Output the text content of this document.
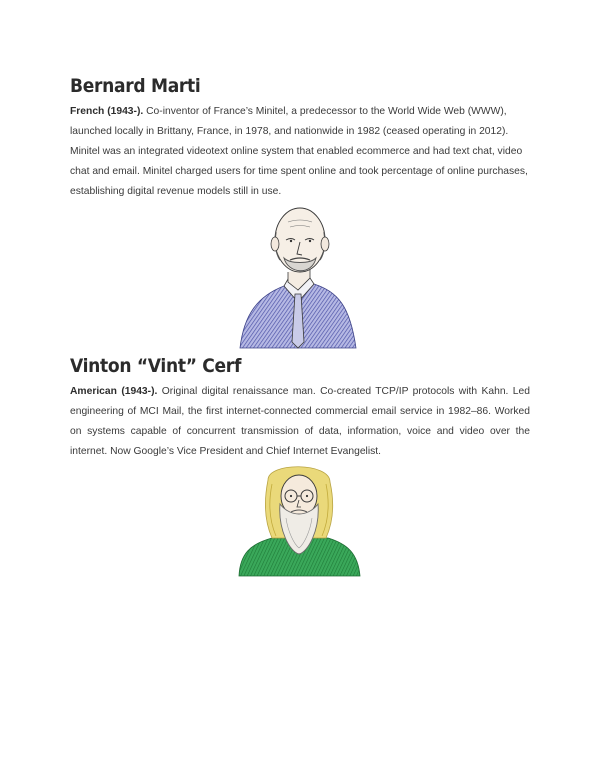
Bernard Marti

French (1943-). Co-inventor of France’s Minitel, a predecessor to the World Wide Web (WWW), launched locally in Brittany, France, in 1978, and nationwide in 1982 (ceased operating in 2012). Minitel was an integrated videotext online system that enabled ecommerce and had text chat, video chat and email. Minitel charged users for time spent online and took percentage of online purchases, establishing digital revenue models still in use.

Vinton “Vint” Cerf

American (1943-). Original digital renaissance man. Co-created TCP/IP protocols with Kahn. Led engineering of MCI Mail, the first internet-connected commercial email service in 1982–86. Worked on systems capable of concurrent transmission of data, information, voice and video over the internet. Now Google’s Vice President and Chief Internet Evangelist.
